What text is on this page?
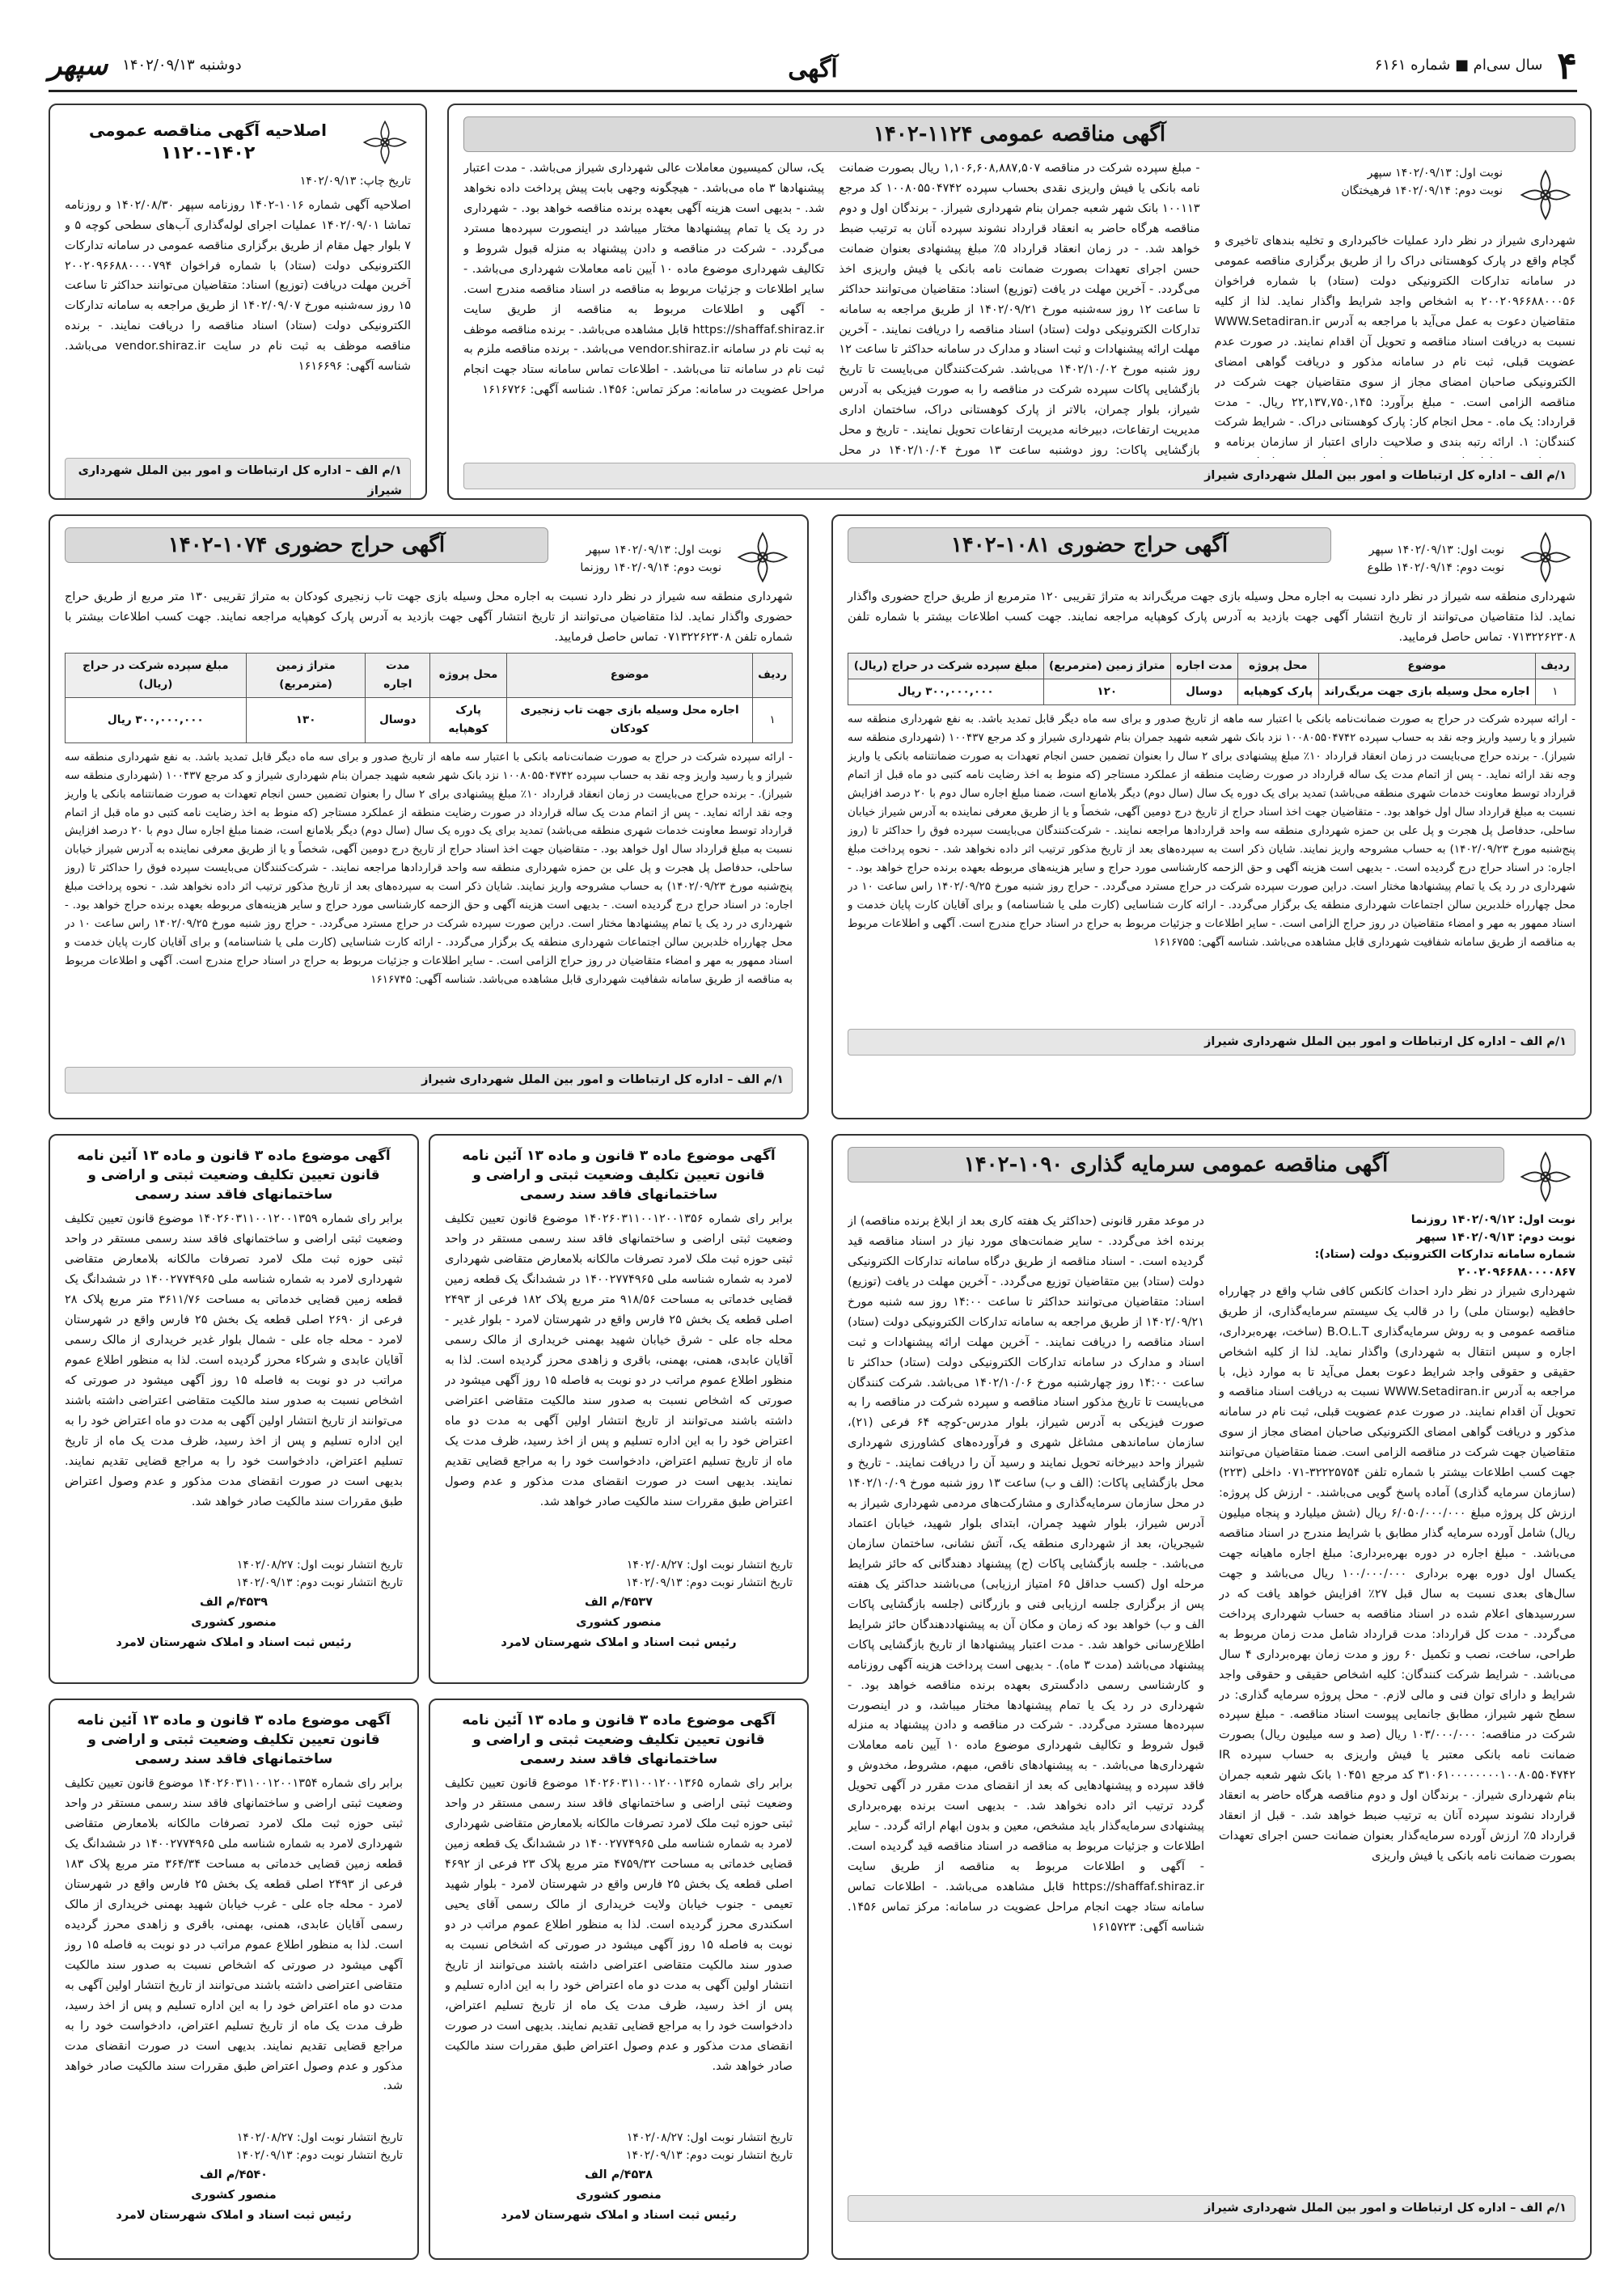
۴
سال سی‌ام ■ شماره ۶۱۶۱
آگهی
دوشنبه ۱۴۰۲/۰۹/۱۳
سپهر
آگهی مناقصه عمومی ۱۱۲۴-۱۴۰۲
نوبت اول: ۱۴۰۲/۰۹/۱۳ سپهر
نوبت دوم: ۱۴۰۲/۰۹/۱۴ فرهیختگان
شهرداری شیراز در نظر دارد عملیات خاکبرداری و تخلیه بندهای تاخیری و گچام واقع در پارک کوهستانی دراک را از طریق برگزاری مناقصه عمومی در سامانه تدارکات الکترونیکی دولت (ستاد) با شماره فراخوان ۲۰۰۲۰۹۶۶۸۸۰۰۰۵۶ به اشخاص واجد شرایط واگذار نماید. لذا از کلیه متقاضیان دعوت به عمل می‌آید با مراجعه به آدرس WWW.Setadiran.ir نسبت به دریافت اسناد مناقصه و تحویل آن اقدام نمایند. در صورت عدم عضویت قبلی، ثبت نام در سامانه مذکور و دریافت گواهی امضای الکترونیکی صاحبان امضای مجاز از سوی متقاضیان جهت شرکت در مناقصه الزامی است. - مبلغ برآورد: ۲۲,۱۳۷,۷۵۰,۱۴۵ ریال. - مدت قرارداد: یک ماه. - محل انجام کار: پارک کوهستانی دراک. - شرایط شرکت کنندگان: ۱. ارائه رتبه بندی و صلاحیت دارای اعتبار از سازمان برنامه و
- مبلغ سپرده شرکت در مناقصه ۱,۱۰۶,۶۰۸,۸۸۷,۵۰۷ ریال بصورت ضمانت نامه بانکی یا فیش واریزی نقدی بحساب سپرده ۱۰۰۸۰۵۵۰۴۷۴۲ کد مرجع ۱۰۰۱۱۳ بانک شهر شعبه جمران بنام شهرداری شیراز. - برندگان اول و دوم مناقصه هرگاه حاضر به انعقاد قرارداد نشوند سپرده آنان به ترتیب ضبط خواهد شد. - در زمان انعقاد قرارداد ۵٪ مبلغ پیشنهادی بعنوان ضمانت حسن اجرای تعهدات بصورت ضمانت نامه بانکی یا فیش واریزی اخذ می‌گردد. - آخرین مهلت در یافت (توزیع) اسناد: متقاضیان می‌توانند حداکثر تا ساعت ۱۲ روز سه‌شنبه مورخ ۱۴۰۲/۰۹/۲۱ از طریق مراجعه به سامانه تدارکات الکترونیکی دولت (ستاد) اسناد مناقصه را دریافت نمایند. - آخرین مهلت ارائه پیشنهادات و ثبت اسناد و مدارک در سامانه حداکثر تا ساعت ۱۲ روز شنبه مورخ ۱۴۰۲/۱۰/۰۲ می‌باشد. شرکت‌کنندگان می‌بایست تا تاریخ بازگشایی پاکات سپرده شرکت در مناقصه را به صورت فیزیکی به آدرس شیراز، بلوار چمران، بالاتر از پارک کوهستانی دراک، ساختمان اداری مدیریت ارتفاعات، دبیرخانه مدیریت ارتفاعات تحویل نمایند. - تاریخ و محل بازگشایی پاکات: روز دوشنبه ساعت ۱۳ مورخ ۱۴۰۲/۱۰/۰۴ در محل
یک، سالن کمیسیون معاملات عالی شهرداری شیراز می‌باشد. - مدت اعتبار پیشنهادها ۳ ماه می‌باشد. - هیچگونه وجهی بابت پیش پرداخت داده نخواهد شد. - بدیهی است هزینه آگهی بعهده برنده مناقصه خواهد بود. - شهرداری در رد یک یا تمام پیشنهادها مختار میباشد در اینصورت سپرده‌ها مسترد می‌گردد. - شرکت در مناقصه و دادن پیشنهاد به منزله قبول شروط و تکالیف شهرداری موضوع ماده ۱۰ آیین نامه معاملات شهرداری می‌باشد. - سایر اطلاعات و جزئیات مربوط به مناقصه در اسناد مناقصه مندرج است. - آگهی و اطلاعات مربوط به مناقصه از طریق سایت https://shaffaf.shiraz.ir قابل مشاهده می‌باشد. - برنده مناقصه موظف به ثبت نام در سامانه vendor.shiraz.ir می‌باشد. - برنده مناقصه ملزم به ثبت نام در سامانه تنا می‌باشد. - اطلاعات تماس سامانه ستاد جهت انجام مراحل عضویت در سامانه: مرکز تماس: ۱۴۵۶. شناسه آگهی: ۱۶۱۶۷۲۶
۱/م الف – اداره کل ارتباطات و امور بین الملل شهرداری شیراز
اصلاحیه آگهی مناقصه عمومی
۱۱۲۰-۱۴۰۲
تاریخ چاپ: ۱۴۰۲/۰۹/۱۳
اصلاحیه آگهی شماره ۱۰۱۶-۱۴۰۲ روزنامه سپهر ۱۴۰۲/۰۸/۳۰ و روزنامه تماشا ۱۴۰۲/۰۹/۰۱ عملیات اجرای لوله‌گذاری آب‌های سطحی کوچه ۵ و ۷ بلوار جهل مقام از طریق برگزاری مناقصه عمومی در سامانه تدارکات الکترونیکی دولت (ستاد) با شماره فراخوان ۲۰۰۲۰۹۶۶۸۸۰۰۰۰۷۹۴ آخرین مهلت دریافت (توزیع) اسناد: متقاضیان می‌توانند حداکثر تا ساعت ۱۵ روز سه‌شنبه مورخ ۱۴۰۲/۰۹/۰۷ از طریق مراجعه به سامانه تدارکات الکترونیکی دولت (ستاد) اسناد مناقصه را دریافت نمایند. - برنده مناقصه موظف به ثبت نام در سایت vendor.shiraz.ir می‌باشد. شناسه آگهی: ۱۶۱۶۶۹۶
۱/م الف – اداره کل ارتباطات و امور بین الملل شهرداری شیراز
نوبت اول: ۱۴۰۲/۰۹/۱۳ سپهر
نوبت دوم: ۱۴۰۲/۰۹/۱۴ طلوع
آگهی حراج حضوری ۱۰۸۱-۱۴۰۲
شهرداری منطقه سه شیراز در نظر دارد نسبت به اجاره محل وسیله بازی جهت مریگ‌راند به متراژ تقریبی ۱۲۰ مترمربع از طریق حراج حضوری واگذار نماید. لذا متقاضیان می‌توانند از تاریخ انتشار آگهی جهت بازدید به آدرس پارک کوهپایه مراجعه نمایند. جهت کسب اطلاعات بیشتر با شماره تلفن ۰۷۱۳۲۲۶۲۳۰۸ تماس حاصل فرمایید.
ردیف	موضوع	محل پروژه	مدت اجاره	متراژ زمین (مترمربع)	مبلغ سپرده شرکت در حراج (ریال)
۱	اجاره محل وسیله بازی جهت مریگ‌راند	پارک کوهپایه	دوسال	۱۲۰	۳۰۰,۰۰۰,۰۰۰ ریال
- ارائه سپرده شرکت در حراج به صورت ضمانت‌نامه بانکی با اعتبار سه ماهه از تاریخ صدور و برای سه ماه دیگر قابل تمدید باشد. به نفع شهرداری منطقه سه شیراز و یا رسید واریز وجه نقد به حساب سپرده ۱۰۰۸۰۵۵۰۴۷۴۲ نزد بانک شهر شعبه شهید جمران بنام شهرداری شیراز و کد مرجع ۱۰۰۴۳۷ (شهرداری منطقه سه شیراز). - برنده حراج می‌بایست در زمان انعقاد قرارداد ۱۰٪ مبلغ پیشنهادی برای ۲ سال را بعنوان تضمین حسن انجام تعهدات به صورت ضمانتنامه بانکی یا واریز وجه نقد ارائه نماید. - پس از اتمام مدت یک ساله قرارداد در صورت رضایت منطقه از عملکرد مستاجر (که منوط به اخذ رضایت نامه کتبی دو ماه قبل از اتمام قرارداد توسط معاونت خدمات شهری منطقه می‌باشد) تمدید برای یک دوره یک سال (سال دوم) دیگر بلامانع است، ضمنا مبلغ اجاره سال دوم با ۲۰ درصد افزایش نسبت به مبلغ قرارداد سال اول خواهد بود. - متقاضیان جهت اخذ اسناد حراج از تاریخ درج دومین آگهی، شخصاً و یا از طریق معرفی نماینده به آدرس شیراز خیابان ساحلی، حدفاصل پل هجرت و پل علی بن حمزه شهرداری منطقه سه واحد قراردادها مراجعه نمایند. - شرکت‌کنندگان می‌بایست سپرده فوق را حداکثر تا (روز پنج‌شنبه مورخ ۱۴۰۲/۰۹/۲۳) به حساب مشروحه واریز نمایند. شایان ذکر است به سپرده‌های بعد از تاریخ مذکور ترتیب اثر داده نخواهد شد. - نحوه پرداخت مبلغ اجاره: در اسناد حراج درج گردیده است. - بدیهی است هزینه آگهی و حق الزحمه کارشناسی مورد حراج و سایر هزینه‌های مربوطه بعهده برنده حراج خواهد بود. - شهرداری در رد یک یا تمام پیشنهادها مختار است. دراین صورت سپرده شرکت در حراج مسترد می‌گردد. - حراج روز شنبه مورخ ۱۴۰۲/۰۹/۲۵ راس ساعت ۱۰ در محل چهارراه خلدبرین سالن اجتماعات شهرداری منطقه یک برگزار می‌گردد. - ارائه کارت شناسایی (کارت ملی یا شناسنامه) و برای آقایان کارت پایان خدمت و اسناد ممهور به مهر و امضاء متقاضیان در روز حراج الزامی است. - سایر اطلاعات و جزئیات مربوط به حراج در اسناد حراج مندرج است. آگهی و اطلاعات مربوط به مناقصه از طریق سامانه شفافیت شهرداری قابل مشاهده می‌باشد. شناسه آگهی: ۱۶۱۶۷۵۵
۱/م الف – اداره کل ارتباطات و امور بین الملل شهرداری شیراز
نوبت اول: ۱۴۰۲/۰۹/۱۳ سپهر
نوبت دوم: ۱۴۰۲/۰۹/۱۴ روزنما
آگهی حراج حضوری ۱۰۷۴-۱۴۰۲
شهرداری منطقه سه شیراز در نظر دارد نسبت به اجاره محل وسیله بازی جهت تاب زنجیری کودکان به متراژ تقریبی ۱۳۰ متر مربع از طریق حراج حضوری واگذار نماید. لذا متقاضیان می‌توانند از تاریخ انتشار آگهی جهت بازدید به آدرس پارک کوهپایه مراجعه نمایند. جهت کسب اطلاعات بیشتر با شماره تلفن ۰۷۱۳۲۲۶۲۳۰۸ تماس حاصل فرمایید.
ردیف	موضوع	محل پروژه	مدت اجاره	متراژ زمین (مترمربع)	مبلغ سپرده شرکت در حراج (ریال)
۱	اجاره محل وسیله بازی جهت تاب زنجیری کودکان	پارک کوهپایه	دوسال	۱۳۰	۳۰۰,۰۰۰,۰۰۰ ریال
- ارائه سپرده شرکت در حراج به صورت ضمانت‌نامه بانکی با اعتبار سه ماهه از تاریخ صدور و برای سه ماه دیگر قابل تمدید باشد. به نفع شهرداری منطقه سه شیراز و یا رسید واریز وجه نقد به حساب سپرده ۱۰۰۸۰۵۵۰۴۷۴۲ نزد بانک شهر شعبه شهید جمران بنام شهرداری شیراز و کد مرجع ۱۰۰۴۳۷ (شهرداری منطقه سه شیراز). - برنده حراج می‌بایست در زمان انعقاد قرارداد ۱۰٪ مبلغ پیشنهادی برای ۲ سال را بعنوان تضمین حسن انجام تعهدات به صورت ضمانتنامه بانکی یا واریز وجه نقد ارائه نماید. - پس از اتمام مدت یک ساله قرارداد در صورت رضایت منطقه از عملکرد مستاجر (که منوط به اخذ رضایت نامه کتبی دو ماه قبل از اتمام قرارداد توسط معاونت خدمات شهری منطقه می‌باشد) تمدید برای یک دوره یک سال (سال دوم) دیگر بلامانع است، ضمنا مبلغ اجاره سال دوم با ۲۰ درصد افزایش نسبت به مبلغ قرارداد سال اول خواهد بود. - متقاضیان جهت اخذ اسناد حراج از تاریخ درج دومین آگهی، شخصاً و یا از طریق معرفی نماینده به آدرس شیراز خیابان ساحلی، حدفاصل پل هجرت و پل علی بن حمزه شهرداری منطقه سه واحد قراردادها مراجعه نمایند. - شرکت‌کنندگان می‌بایست سپرده فوق را حداکثر تا (روز پنج‌شنبه مورخ ۱۴۰۲/۰۹/۲۳) به حساب مشروحه واریز نمایند. شایان ذکر است به سپرده‌های بعد از تاریخ مذکور ترتیب اثر داده نخواهد شد. - نحوه پرداخت مبلغ اجاره: در اسناد حراج درج گردیده است. - بدیهی است هزینه آگهی و حق الزحمه کارشناسی مورد حراج و سایر هزینه‌های مربوطه بعهده برنده حراج خواهد بود. - شهرداری در رد یک یا تمام پیشنهادها مختار است. دراین صورت سپرده شرکت در حراج مسترد می‌گردد. - حراج روز شنبه مورخ ۱۴۰۲/۰۹/۲۵ راس ساعت ۱۰ در محل چهارراه خلدبرین سالن اجتماعات شهرداری منطقه یک برگزار می‌گردد. - ارائه کارت شناسایی (کارت ملی یا شناسنامه) و برای آقایان کارت پایان خدمت و اسناد ممهور به مهر و امضاء متقاضیان در روز حراج الزامی است. - سایر اطلاعات و جزئیات مربوط به حراج در اسناد حراج مندرج است. آگهی و اطلاعات مربوط به مناقصه از طریق سامانه شفافیت شهرداری قابل مشاهده می‌باشد. شناسه آگهی: ۱۶۱۶۷۴۵
۱/م الف – اداره کل ارتباطات و امور بین الملل شهرداری شیراز
آگهی مناقصه عمومی سرمایه گذاری ۱۰۹۰-۱۴۰۲
نوبت اول: ۱۴۰۲/۰۹/۱۲ روزنما
نوبت دوم: ۱۴۰۲/۰۹/۱۳ سپهر
شماره سامانه تدارکات الکترونیک دولت (ستاد): ۲۰۰۲۰۹۶۶۸۸۰۰۰۰۸۶۷
شهرداری شیراز در نظر دارد احداث کانکس کافی شاپ واقع در چهارراه حافظیه (بوستان ملی) را در قالب یک سیستم سرمایه‌گذاری، از طریق مناقصه عمومی و به روش سرمایه‌گذاری B.O.L.T (ساخت، بهره‌برداری، اجاره و سپس انتقال به شهرداری) واگذار نماید. لذا از کلیه اشخاص حقیقی و حقوقی واجد شرایط دعوت بعمل می‌آید تا به موارد ذیل، با مراجعه به آدرس WWW.Setadiran.ir نسبت به دریافت اسناد مناقصه و تحویل آن اقدام نمایند. در صورت عدم عضویت قبلی، ثبت نام در سامانه مذکور و دریافت گواهی امضای الکترونیکی صاحبان امضای مجاز از سوی متقاضیان جهت شرکت در مناقصه الزامی است. ضمنا متقاضیان می‌توانند جهت کسب اطلاعات بیشتر با شماره تلفن ۳۲۲۲۵۷۵۴-۰۷۱ داخلی (۲۲۳) (سازمان سرمایه گذاری) آماده پاسخ گویی می‌باشند. - ارزش کل پروژه: ارزش کل پروژه مبلغ ۶/۰۵۰/۰۰۰/۰۰۰ ریال (شش میلیارد و پنجاه میلیون ریال) شامل آورده سرمایه گذار مطابق با شرایط مندرج در اسناد مناقصه می‌باشد. - مبلغ اجاره در دوره بهره‌برداری: مبلغ اجاره ماهیانه جهت یکسال اول دوره بهره برداری ۱۰۰/۰۰۰/۰۰۰ ریال می‌باشد و جهت سال‌های بعدی نسبت به سال قبل ۲۷٪ افزایش خواهد یافت که در سررسیدهای اعلام شده در اسناد مناقصه به حساب شهرداری پرداخت می‌گردد. - مدت کل قرارداد: مدت قرارداد شامل مدت زمان مربوط به طراحی، ساخت، نصب و تکمیل ۶۰ روز و مدت زمان بهره‌برداری ۴ سال می‌باشد. - شرایط شرکت کنندگان: کلیه اشخاص حقیقی و حقوقی واجد شرایط و دارای توان فنی و مالی لازم. - محل پروژه سرمایه گذاری: در سطح شهر شیراز، مطابق جانمایی پیوست اسناد مناقصه. - مبلغ سپرده شرکت در مناقصه: ۱۰۳/۰۰۰/۰۰۰ ریال (صد و سه میلیون ریال) بصورت ضمانت نامه بانکی معتبر یا فیش واریزی به حساب سپرده IR ۳۱۰۶۱۰۰۰۰۰۰۰۰۱۰۰۸۰۵۵۰۴۷۴۲ کد مرجع ۱۰۴۵۱ بانک شهر شعبه جمران بنام شهرداری شیراز. - برندگان اول و دوم مناقصه هرگاه حاضر به انعقاد قرارداد نشوند سپرده آنان به ترتیب ضبط خواهد شد. - قبل از انعقاد قرارداد ۵٪ ارزش آورده سرمایه‌گذار بعنوان ضمانت حسن اجرای تعهدات بصورت ضمانت نامه بانکی یا فیش واریزی
در موعد مقرر قانونی (حداکثر یک هفته کاری بعد از ابلاغ برنده مناقصه) از برنده اخذ می‌گردد. - سایر ضمانت‌های مورد نیاز در اسناد مناقصه قید گردیده است. - اسناد مناقصه از طریق درگاه سامانه تدارکات الکترونیکی دولت (ستاد) بین متقاضیان توزیع می‌گردد. - آخرین مهلت در یافت (توزیع) اسناد: متقاضیان می‌توانند حداکثر تا ساعت ۱۴:۰۰ روز سه شنبه مورخ ۱۴۰۲/۰۹/۲۱ از طریق مراجعه به سامانه تدارکات الکترونیکی دولت (ستاد) اسناد مناقصه را دریافت نمایند. - آخرین مهلت ارائه پیشنهادات و ثبت اسناد و مدارک در سامانه تدارکات الکترونیکی دولت (ستاد) حداکثر تا ساعت ۱۴:۰۰ روز چهارشنبه مورخ ۱۴۰۲/۱۰/۰۶ می‌باشد. شرکت کنندگان می‌بایست تا تاریخ مذکور اسناد مناقصه و سپرده شرکت در مناقصه را به صورت فیزیکی به آدرس شیراز، بلوار مدرس-کوچه ۶۴ فرعی (۲۱)، سازمان ساماندهی مشاغل شهری و فرآورده‌های کشاورزی شهرداری شیراز واحد دبیرخانه تحویل نمایند و رسید آن را دریافت نمایند. - تاریخ و محل بازگشایی پاکات: (الف و ب) ساعت ۱۳ روز شنبه مورخ ۱۴۰۲/۱۰/۰۹ در محل سازمان سرمایه‌گذاری و مشارکت‌های مردمی شهرداری شیراز به آدرس شیراز، بلوار شهید چمران، ابتدای بلوار شهید، خیابان اعتماد شیجریان، بعد از شهرداری منطقه یک، آتش نشانی، ساختمان سازمان می‌باشد. - جلسه بازگشایی پاکات (ج) پیشنهاد دهندگانی که حائز شرایط مرحله اول (کسب حداقل ۶۵ امتیاز ارزیابی) می‌باشند حداکثر یک هفته پس از برگزاری جلسه ارزیابی فنی و بازرگانی (جلسه بازگشایی پاکات الف و ب) خواهد بود که زمان و مکان آن به پیشنهاددهندگان حائز شرایط اطلاع‌رسانی خواهد شد. - مدت اعتبار پیشنهادها از تاریخ بازگشایی پاکات پیشنهاد می‌باشد (مدت ۳ ماه). - بدیهی است پرداخت هزینه آگهی روزنامه و کارشناسی رسمی دادگستری بعهده برنده مناقصه خواهد بود. - شهرداری در رد یک یا تمام پیشنهادها مختار میباشد، و در اینصورت سپرده‌ها مسترد می‌گردد. - شرکت در مناقصه و دادن پیشنهاد به منزله قبول شروط و تکالیف شهرداری موضوع ماده ۱۰ آیین نامه معاملات شهرداری‌ها می‌باشد. - به پیشنهادهای ناقص، مبهم، مشروط، مخدوش و فاقد سپرده و پیشنهادهایی که بعد از انقضای مدت مقرر در آگهی تحویل گردد ترتیب اثر داده نخواهد شد. - بدیهی است برنده بهره‌برداری پیشنهادی سرمایه‌گذار باید مشخص، معین و بدون ابهام ارائه گردد. - سایر اطلاعات و جزئیات مربوط به مناقصه در اسناد مناقصه قید گردیده است. - آگهی و اطلاعات مربوط به مناقصه از طریق سایت https://shaffaf.shiraz.ir قابل مشاهده می‌باشد. - اطلاعات تماس سامانه ستاد جهت انجام مراحل عضویت در سامانه: مرکز تماس ۱۴۵۶. شناسه آگهی: ۱۶۱۵۷۲۳
۱/م الف – اداره کل ارتباطات و امور بین الملل شهرداری شیراز
آگهی موضوع ماده ۳ قانون و ماده ۱۳ آئین نامه قانون تعیین تکلیف وضعیت ثبتی و اراضی و ساختمانهای فاقد سند رسمی
برابر رای شماره ۱۴۰۲۶۰۳۱۱۰۰۱۲۰۰۱۳۵۶ موضوع قانون تعیین تکلیف وضعیت ثبتی اراضی و ساختمانهای فاقد سند رسمی مستقر در واحد ثبتی حوزه ثبت ملک لامرد تصرفات مالکانه بلامعارض متقاضی شهرداری لامرد به شماره شناسه ملی ۱۴۰۰۲۷۷۴۹۶۵ در ششدانگ یک قطعه زمین قضایی خدماتی به مساحت ۹۱۸/۵۶ متر مربع پلاک ۱۸۲ فرعی از ۲۴۹۳ اصلی قطعه یک بخش ۲۵ فارس واقع در شهرستان لامرد - بلوار غدیر - محله جاه علی - شرق خیابان شهید بهمنی خریداری از مالک رسمی آقایان عابدی، همنی، بهمنی، باقری و زاهدی محرز گردیده است. لذا به منظور اطلاع عموم مراتب در دو نوبت به فاصله ۱۵ روز آگهی میشود در صورتی که اشخاص نسبت به صدور سند مالکیت متقاضی اعتراضی داشته باشند می‌توانند از تاریخ انتشار اولین آگهی به مدت دو ماه اعتراض خود را به این اداره تسلیم و پس از اخذ رسید، ظرف مدت یک ماه از تاریخ تسلیم اعتراض، دادخواست خود را به مراجع قضایی تقدیم نمایند. بدیهی است در صورت انقضای مدت مذکور و عدم وصول اعتراض طبق مقررات سند مالکیت صادر خواهد شد.
تاریخ انتشار نوبت اول: ۱۴۰۲/۰۸/۲۷
تاریخ انتشار نوبت دوم: ۱۴۰۲/۰۹/۱۳
۴۵۳۷/م الف
منصور کشوری
رئیس ثبت اسناد و املاک شهرستان لامرد
آگهی موضوع ماده ۳ قانون و ماده ۱۳ آئین نامه قانون تعیین تکلیف وضعیت ثبتی و اراضی و ساختمانهای فاقد سند رسمی
برابر رای شماره ۱۴۰۲۶۰۳۱۱۰۰۱۲۰۰۱۳۵۹ موضوع قانون تعیین تکلیف وضعیت ثبتی اراضی و ساختمانهای فاقد سند رسمی مستقر در واحد ثبتی حوزه ثبت ملک لامرد تصرفات مالکانه بلامعارض متقاضی شهرداری لامرد به شماره شناسه ملی ۱۴۰۰۲۷۷۴۹۶۵ در ششدانگ یک قطعه زمین قضایی خدماتی به مساحت ۳۶۱۱/۷۶ متر مربع پلاک ۲۸ فرعی از ۲۶۹۰ اصلی قطعه یک بخش ۲۵ فارس واقع در شهرستان لامرد - محله جاه علی - شمال بلوار غدیر خریداری از مالک رسمی آقایان عابدی و شرکاء محرز گردیده است. لذا به منظور اطلاع عموم مراتب در دو نوبت به فاصله ۱۵ روز آگهی میشود در صورتی که اشخاص نسبت به صدور سند مالکیت متقاضی اعتراضی داشته باشند می‌توانند از تاریخ انتشار اولین آگهی به مدت دو ماه اعتراض خود را به این اداره تسلیم و پس از اخذ رسید، ظرف مدت یک ماه از تاریخ تسلیم اعتراض، دادخواست خود را به مراجع قضایی تقدیم نمایند. بدیهی است در صورت انقضای مدت مذکور و عدم وصول اعتراض طبق مقررات سند مالکیت صادر خواهد شد.
تاریخ انتشار نوبت اول: ۱۴۰۲/۰۸/۲۷
تاریخ انتشار نوبت دوم: ۱۴۰۲/۰۹/۱۳
۴۵۳۹/م الف
منصور کشوری
رئیس ثبت اسناد و املاک شهرستان لامرد
آگهی موضوع ماده ۳ قانون و ماده ۱۳ آئین نامه قانون تعیین تکلیف وضعیت ثبتی و اراضی و ساختمانهای فاقد سند رسمی
برابر رای شماره ۱۴۰۲۶۰۳۱۱۰۰۱۲۰۰۱۳۶۵ موضوع قانون تعیین تکلیف وضعیت ثبتی اراضی و ساختمانهای فاقد سند رسمی مستقر در واحد ثبتی حوزه ثبت ملک لامرد تصرفات مالکانه بلامعارض متقاضی شهرداری لامرد به شماره شناسه ملی ۱۴۰۰۲۷۷۴۹۶۵ در ششدانگ یک قطعه زمین قضایی خدماتی به مساحت ۴۷۵۹/۳۲ متر مربع پلاک ۲۳ فرعی از ۴۶۹۲ اصلی قطعه یک بخش ۲۵ فارس واقع در شهرستان لامرد - بلوار شهید تعیمی - جنوب خیابان ولایت خریداری از مالک رسمی آقای یحیی اسکندری محرز گردیده است. لذا به منظور اطلاع عموم مراتب در دو نوبت به فاصله ۱۵ روز آگهی میشود در صورتی که اشخاص نسبت به صدور سند مالکیت متقاضی اعتراضی داشته باشند می‌توانند از تاریخ انتشار اولین آگهی به مدت دو ماه اعتراض خود را به این اداره تسلیم و پس از اخذ رسید، ظرف مدت یک ماه از تاریخ تسلیم اعتراض، دادخواست خود را به مراجع قضایی تقدیم نمایند. بدیهی است در صورت انقضای مدت مذکور و عدم وصول اعتراض طبق مقررات سند مالکیت صادر خواهد شد.
تاریخ انتشار نوبت اول: ۱۴۰۲/۰۸/۲۷
تاریخ انتشار نوبت دوم: ۱۴۰۲/۰۹/۱۳
۴۵۳۸/م الف
منصور کشوری
رئیس ثبت اسناد و املاک شهرستان لامرد
آگهی موضوع ماده ۳ قانون و ماده ۱۳ آئین نامه قانون تعیین تکلیف وضعیت ثبتی و اراضی و ساختمانهای فاقد سند رسمی
برابر رای شماره ۱۴۰۲۶۰۳۱۱۰۰۱۲۰۰۱۳۵۴ موضوع قانون تعیین تکلیف وضعیت ثبتی اراضی و ساختمانهای فاقد سند رسمی مستقر در واحد ثبتی حوزه ثبت ملک لامرد تصرفات مالکانه بلامعارض متقاضی شهرداری لامرد به شماره شناسه ملی ۱۴۰۰۲۷۷۴۹۶۵ در ششدانگ یک قطعه زمین قضایی خدماتی به مساحت ۳۶۴/۳۴ متر مربع پلاک ۱۸۳ فرعی از ۲۴۹۳ اصلی قطعه یک بخش ۲۵ فارس واقع در شهرستان لامرد - محله جاه علی - غرب خیابان شهید بهمنی خریداری از مالک رسمی آقایان عابدی، همنی، بهمنی، باقری و زاهدی محرز گردیده است. لذا به منظور اطلاع عموم مراتب در دو نوبت به فاصله ۱۵ روز آگهی میشود در صورتی که اشخاص نسبت به صدور سند مالکیت متقاضی اعتراضی داشته باشند می‌توانند از تاریخ انتشار اولین آگهی به مدت دو ماه اعتراض خود را به این اداره تسلیم و پس از اخذ رسید، ظرف مدت یک ماه از تاریخ تسلیم اعتراض، دادخواست خود را به مراجع قضایی تقدیم نمایند. بدیهی است در صورت انقضای مدت مذکور و عدم وصول اعتراض طبق مقررات سند مالکیت صادر خواهد شد.
تاریخ انتشار نوبت اول: ۱۴۰۲/۰۸/۲۷
تاریخ انتشار نوبت دوم: ۱۴۰۲/۰۹/۱۳
۴۵۴۰/م الف
منصور کشوری
رئیس ثبت اسناد و املاک شهرستان لامرد
